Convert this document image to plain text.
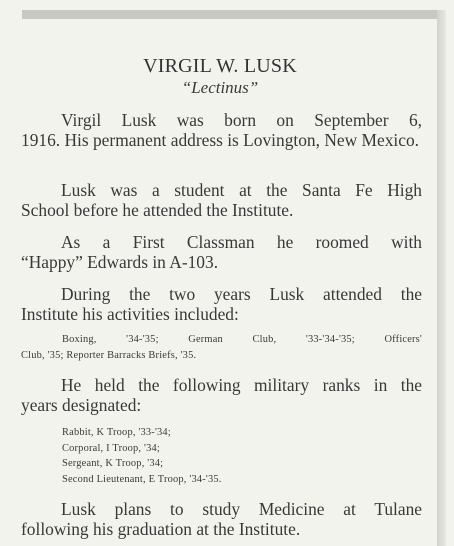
VIRGIL W. LUSK
“Lectinus”

Virgil Lusk was born on September 6,
1916. His permanent address is Lovington, New Mexico.

Lusk was a student at the Santa Fe High
School before he attended the Institute.

As a First Classman he roomed with
“Happy” Edwards in A-103.

During the two years Lusk attended the
Institute his activities included:

Boxing, '34-'35; German Club, '33-'34-'35; Officers'
Club, '35; Reporter Barracks Briefs, '35.

He held the following military ranks in the
years designated:

Rabbit, K Troop, '33-'34;
Corporal, I Troop, '34;
Sergeant, K Troop, '34;
Second Lieutenant, E Troop, '34-'35.

Lusk plans to study Medicine at Tulane
following his graduation at the Institute.
